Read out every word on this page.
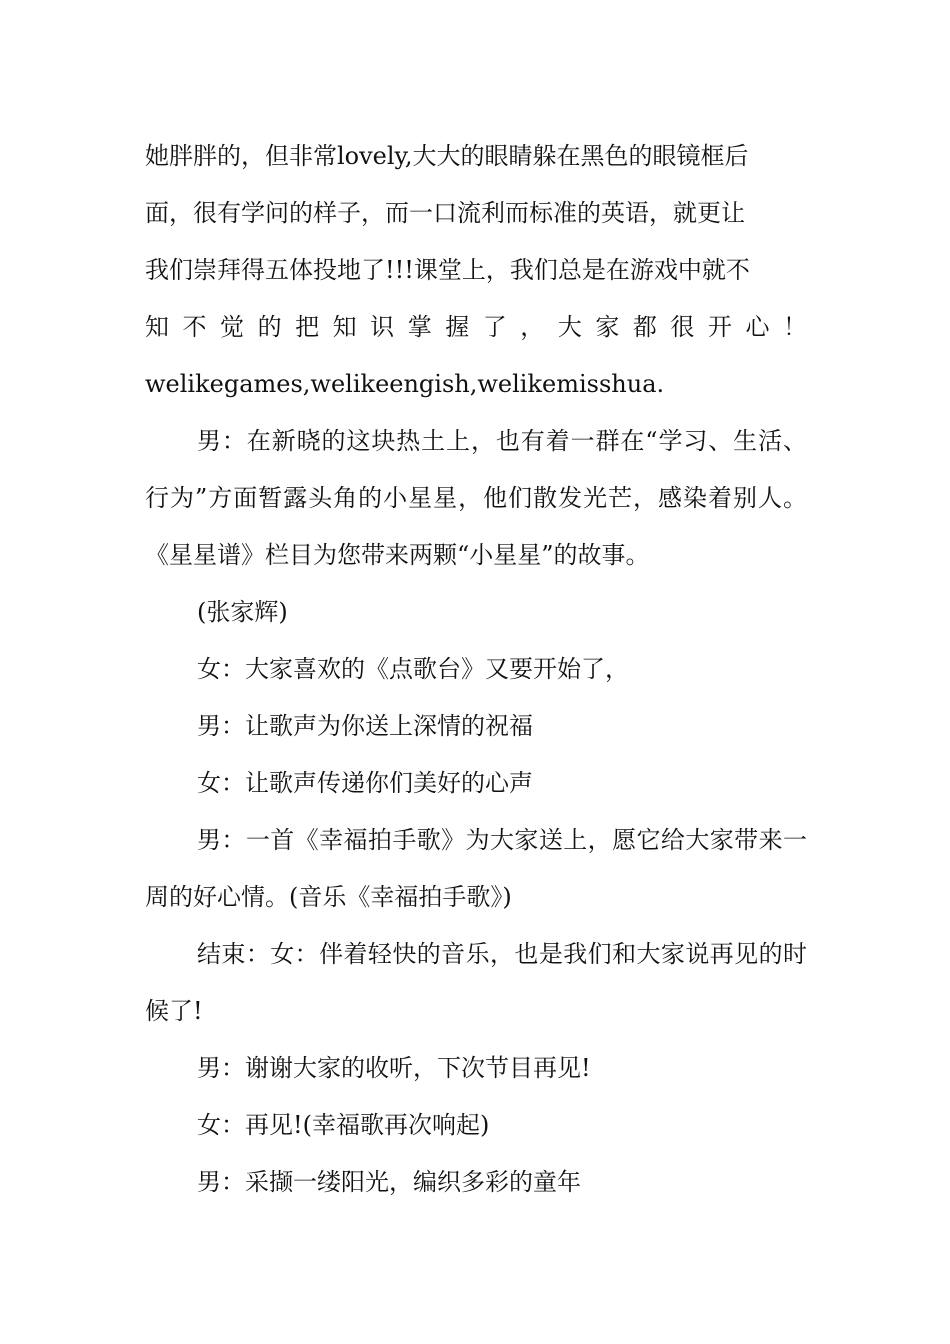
她胖胖的，但非常lovely,大大的眼睛躲在黑色的眼镜框后
面，很有学问的样子，而一口流利而标准的英语，就更让
我们崇拜得五体投地了!!!课堂上，我们总是在游戏中就不
知 不 觉 的 把 知 识 掌 握 了 ， 大 家 都 很 开 心 ！
welikegames,welikeengish,welikemisshua.

男：在新晓的这块热土上，也有着一群在“学习、生活、行为”方面暂露头角的小星星，他们散发光芒，感染着别人。《星星谱》栏目为您带来两颗“小星星”的故事。

(张家辉)

女：大家喜欢的《点歌台》又要开始了，

男：让歌声为你送上深情的祝福

女：让歌声传递你们美好的心声

男：一首《幸福拍手歌》为大家送上，愿它给大家带来一周的好心情。(音乐《幸福拍手歌》)

结束：女：伴着轻快的音乐，也是我们和大家说再见的时候了!

男：谢谢大家的收听，下次节目再见!

女：再见!(幸福歌再次响起)

男：采撷一缕阳光，编织多彩的童年
